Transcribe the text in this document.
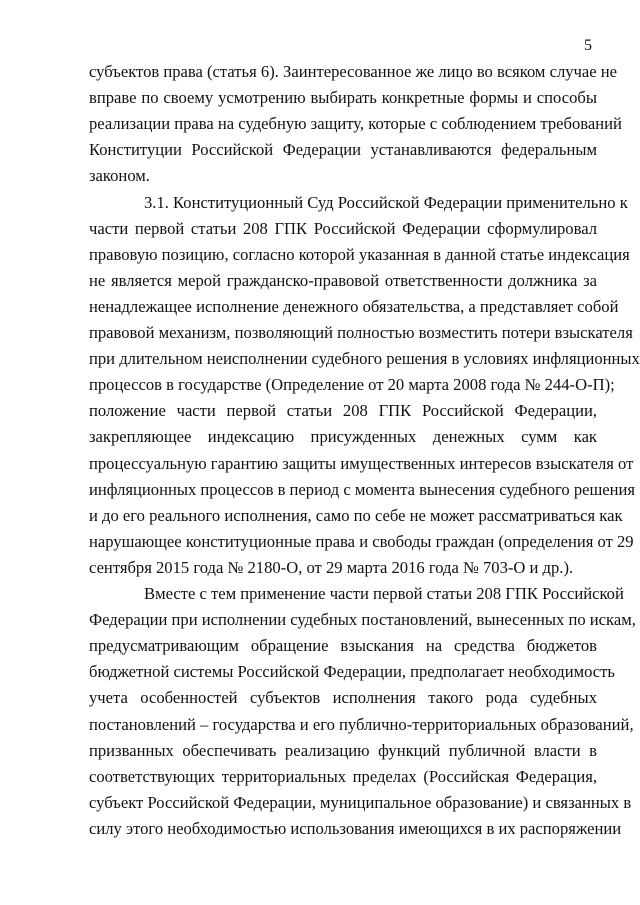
5
субъектов права (статья 6). Заинтересованное же лицо во всяком случае не
вправе по своему усмотрению выбирать конкретные формы и способы
реализации права на судебную защиту, которые с соблюдением требований
Конституции Российской Федерации устанавливаются федеральным
законом.
3.1. Конституционный Суд Российской Федерации применительно к
части первой статьи 208 ГПК Российской Федерации сформулировал
правовую позицию, согласно которой указанная в данной статье индексация
не является мерой гражданско-правовой ответственности должника за
ненадлежащее исполнение денежного обязательства, а представляет собой
правовой механизм, позволяющий полностью возместить потери взыскателя
при длительном неисполнении судебного решения в условиях инфляционных
процессов в государстве (Определение от 20 марта 2008 года № 244-О-П);
положение части первой статьи 208 ГПК Российской Федерации,
закрепляющее индексацию присужденных денежных сумм как
процессуальную гарантию защиты имущественных интересов взыскателя от
инфляционных процессов в период с момента вынесения судебного решения
и до его реального исполнения, само по себе не может рассматриваться как
нарушающее конституционные права и свободы граждан (определения от 29
сентября 2015 года № 2180-О, от 29 марта 2016 года № 703-О и др.).
Вместе с тем применение части первой статьи 208 ГПК Российской
Федерации при исполнении судебных постановлений, вынесенных по искам,
предусматривающим обращение взыскания на средства бюджетов
бюджетной системы Российской Федерации, предполагает необходимость
учета особенностей субъектов исполнения такого рода судебных
постановлений – государства и его публично-территориальных образований,
призванных обеспечивать реализацию функций публичной власти в
соответствующих территориальных пределах (Российская Федерация,
субъект Российской Федерации, муниципальное образование) и связанных в
силу этого необходимостью использования имеющихся в их распоряжении
